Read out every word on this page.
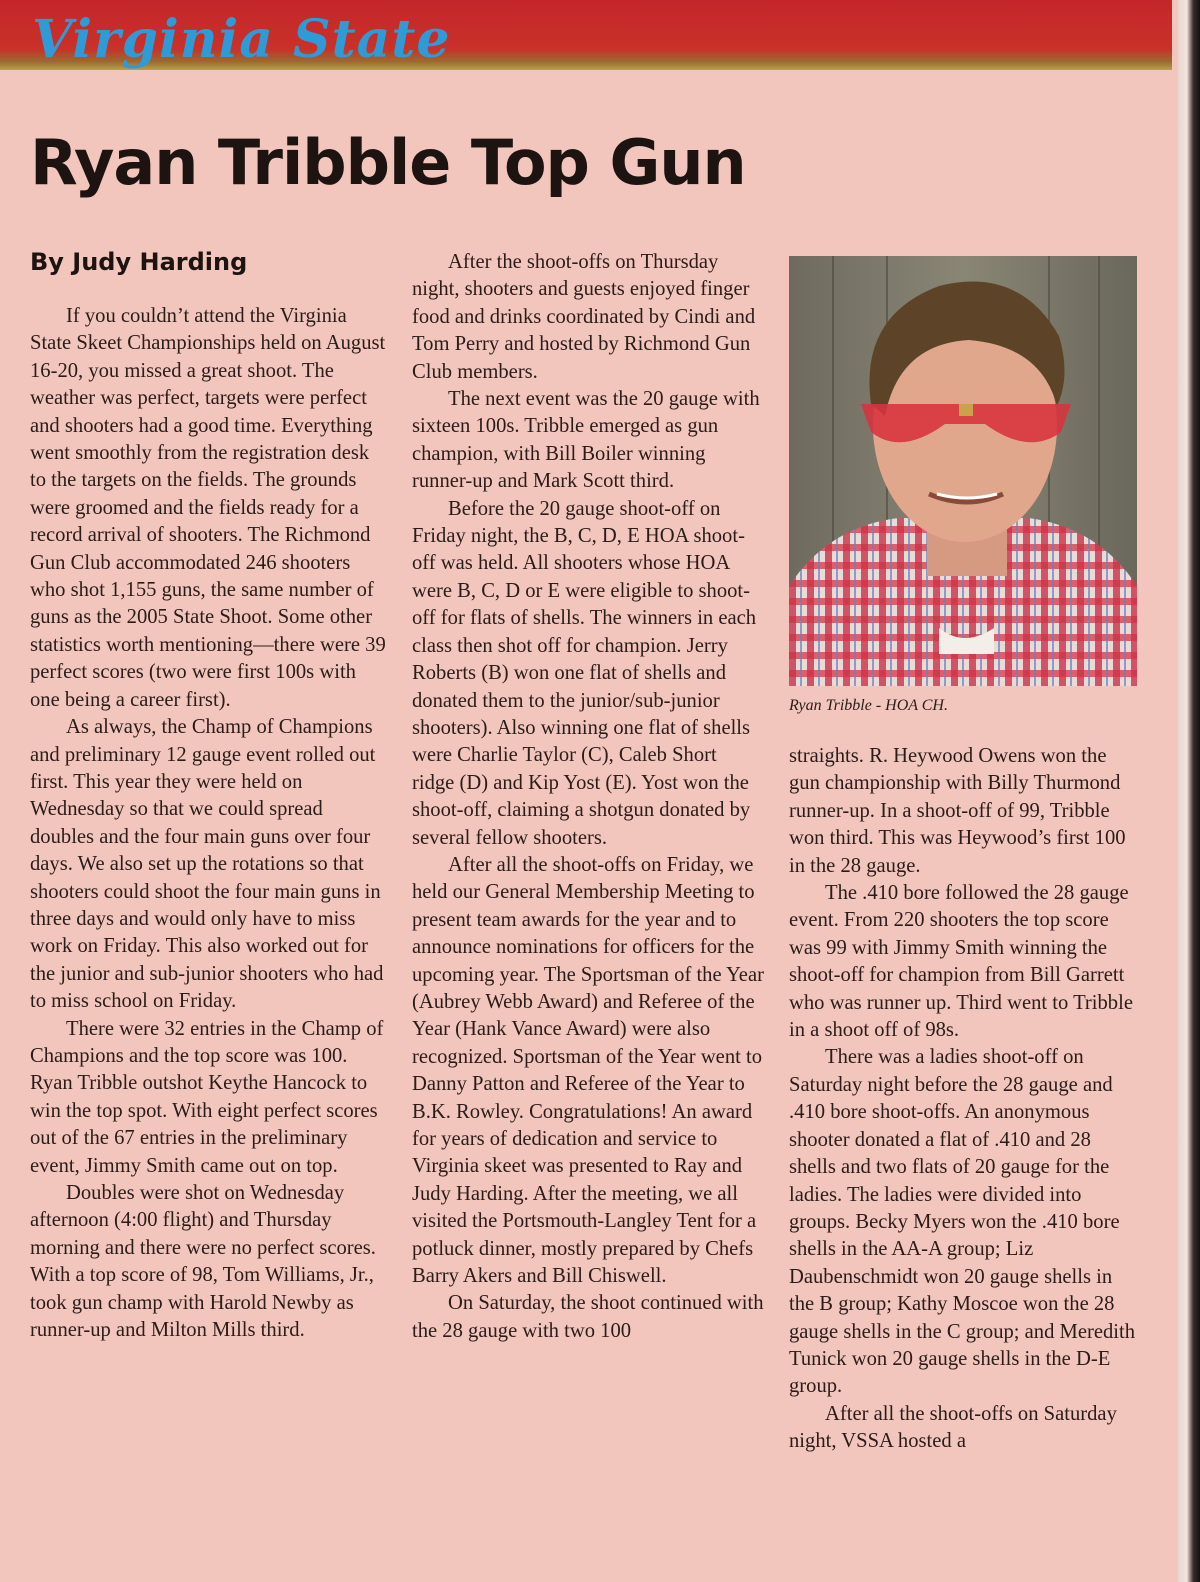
Virginia State
Ryan Tribble Top Gun
By Judy Harding

If you couldn’t attend the Virginia State Skeet Championships held on August 16-20, you missed a great shoot. The weather was perfect, targets were perfect and shooters had a good time. Everything went smoothly from the registration desk to the targets on the fields. The grounds were groomed and the fields ready for a record arrival of shooters. The Richmond Gun Club accommodated 246 shooters who shot 1,155 guns, the same number of guns as the 2005 State Shoot. Some other statistics worth mentioning—there were 39 perfect scores (two were first 100s with one being a career first).

As always, the Champ of Champions and preliminary 12 gauge event rolled out first. This year they were held on Wednesday so that we could spread doubles and the four main guns over four days. We also set up the rotations so that shooters could shoot the four main guns in three days and would only have to miss work on Friday. This also worked out for the junior and sub-junior shooters who had to miss school on Friday.

There were 32 entries in the Champ of Champions and the top score was 100. Ryan Tribble outshot Keythe Hancock to win the top spot. With eight perfect scores out of the 67 entries in the preliminary event, Jimmy Smith came out on top.

Doubles were shot on Wednesday afternoon (4:00 flight) and Thursday morning and there were no perfect scores. With a top score of 98, Tom Williams, Jr., took gun champ with Harold Newby as runner-up and Milton Mills third.

After the shoot-offs on Thursday night, shooters and guests enjoyed finger food and drinks coordinated by Cindi and Tom Perry and hosted by Richmond Gun Club members.

The next event was the 20 gauge with sixteen 100s. Tribble emerged as gun champion, with Bill Boiler winning runner-up and Mark Scott third.

Before the 20 gauge shoot-off on Friday night, the B, C, D, E HOA shoot-off was held. All shooters whose HOA were B, C, D or E were eligible to shoot-off for flats of shells. The winners in each class then shot off for champion. Jerry Roberts (B) won one flat of shells and donated them to the junior/sub-junior shooters). Also winning one flat of shells were Charlie Taylor (C), Caleb Short ridge (D) and Kip Yost (E). Yost won the shoot-off, claiming a shotgun donated by several fellow shooters.

After all the shoot-offs on Friday, we held our General Membership Meeting to present team awards for the year and to announce nominations for officers for the upcoming year. The Sportsman of the Year (Aubrey Webb Award) and Referee of the Year (Hank Vance Award) were also recognized. Sportsman of the Year went to Danny Patton and Referee of the Year to B.K. Rowley. Congratulations! An award for years of dedication and service to Virginia skeet was presented to Ray and Judy Harding. After the meeting, we all visited the Portsmouth-Langley Tent for a potluck dinner, mostly prepared by Chefs Barry Akers and Bill Chiswell.

On Saturday, the shoot continued with the 28 gauge with two 100

Ryan Tribble - HOA CH.

straights. R. Heywood Owens won the gun championship with Billy Thurmond runner-up. In a shoot-off of 99, Tribble won third. This was Heywood’s first 100 in the 28 gauge.

The .410 bore followed the 28 gauge event. From 220 shooters the top score was 99 with Jimmy Smith winning the shoot-off for champion from Bill Garrett who was runner up. Third went to Tribble in a shoot off of 98s.

There was a ladies shoot-off on Saturday night before the 28 gauge and .410 bore shoot-offs. An anonymous shooter donated a flat of .410 and 28 shells and two flats of 20 gauge for the ladies. The ladies were divided into groups. Becky Myers won the .410 bore shells in the AA-A group; Liz Daubenschmidt won 20 gauge shells in the B group; Kathy Moscoe won the 28 gauge shells in the C group; and Meredith Tunick won 20 gauge shells in the D-E group.

After all the shoot-offs on Saturday night, VSSA hosted a
